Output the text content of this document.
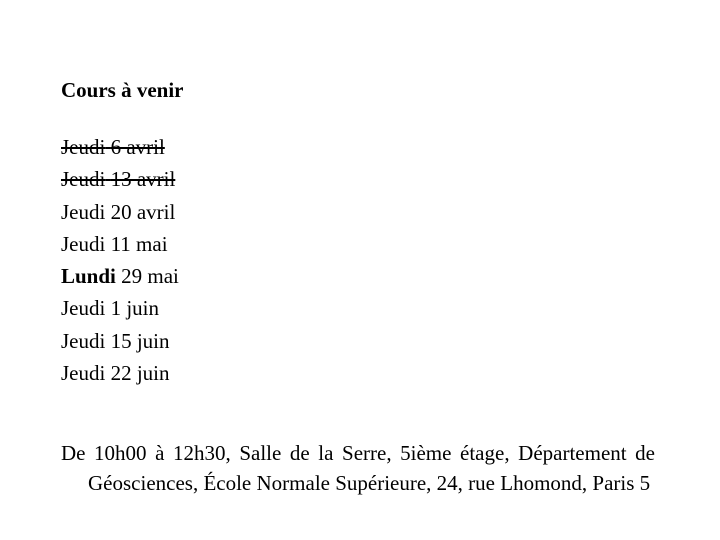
Cours à venir
Jeudi 6 avril
Jeudi 13 avril
Jeudi 20 avril
Jeudi 11 mai
Lundi 29 mai
Jeudi 1 juin
Jeudi 15 juin
Jeudi 22 juin

De 10h00 à 12h30, Salle de la Serre, 5ième étage, Département de Géosciences, École Normale Supérieure, 24, rue Lhomond, Paris 5
